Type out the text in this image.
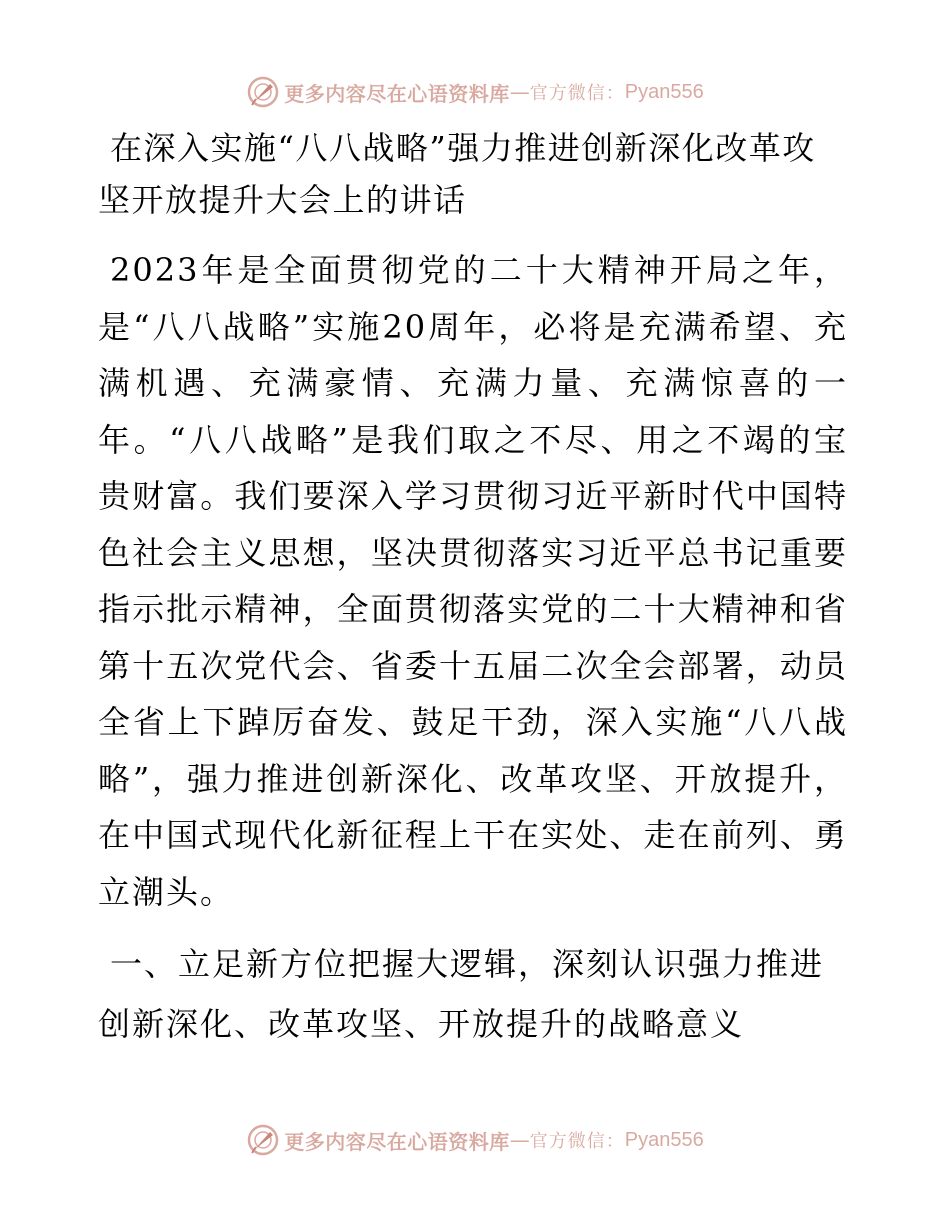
更多内容尽在心语资料库 — 官方微信： Pyan556
在深入实施“八八战略”强力推进创新深化改革攻坚开放提升大会上的讲话

2023年是全面贯彻党的二十大精神开局之年，是“八八战略”实施20周年，必将是充满希望、充满机遇、充满豪情、充满力量、充满惊喜的一年。“八八战略”是我们取之不尽、用之不竭的宝贵财富。我们要深入学习贯彻习近平新时代中国特色社会主义思想，坚决贯彻落实习近平总书记重要指示批示精神，全面贯彻落实党的二十大精神和省第十五次党代会、省委十五届二次全会部署，动员全省上下踔厉奋发、鼓足干劲，深入实施“八八战略”，强力推进创新深化、改革攻坚、开放提升，在中国式现代化新征程上干在实处、走在前列、勇立潮头。

一、立足新方位把握大逻辑，深刻认识强力推进创新深化、改革攻坚、开放提升的战略意义
更多内容尽在心语资料库 — 官方微信： Pyan556
